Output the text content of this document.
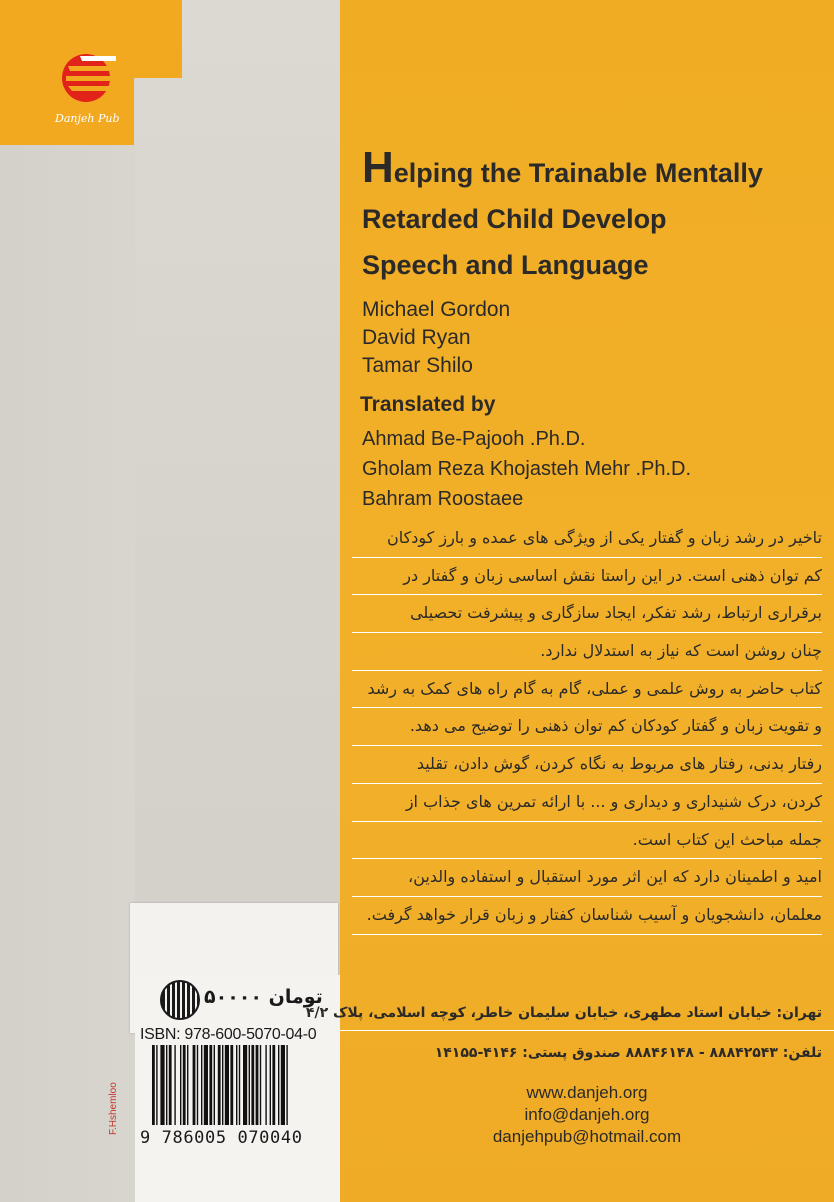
Danjeh Pub
Helping the Trainable Mentally
Retarded Child Develop
Speech and Language
Michael Gordon
David Ryan
Tamar Shilo
Translated by
Ahmad Be-Pajooh .Ph.D.
Gholam Reza Khojasteh Mehr .Ph.D.
Bahram Roostaee
تاخیر در رشد زبان و گفتار یکی از ویژگی های عمده و بارز کودکان
کم توان ذهنی است. در این راستا نقش اساسی زبان و گفتار در
برقراری ارتباط، رشد تفکر، ایجاد سازگاری و پیشرفت تحصیلی
چنان روشن است که نیاز به استدلال ندارد.
کتاب حاضر به روش علمی و عملی، گام به گام راه های کمک به رشد
و تقویت زبان و گفتار کودکان کم توان ذهنی را توضیح می دهد.
رفتار بدنی، رفتار های مربوط به نگاه کردن، گوش دادن، تقلید
کردن، درک شنیداری و دیداری و ... با ارائه تمرین های جذاب از
جمله مباحث این کتاب است.
امید و اطمینان دارد که این اثر مورد استقبال و استفاده والدین،
معلمان، دانشجویان و آسیب شناسان کفتار و زبان قرار خواهد گرفت.
۵۰۰۰۰ تومان
ISBN: 978-600-5070-04-0
9 786005 070040
F.Hshemloo
تهران: خیابان استاد مطهری، خیابان سلیمان خاطر، کوچه اسلامی، پلاک ۴/۲
تلفن: ۸۸۸۴۲۵۴۳ - ۸۸۸۴۶۱۴۸ صندوق پستی: ۴۱۴۶-۱۴۱۵۵
www.danjeh.org
info@danjeh.org
danjehpub@hotmail.com
